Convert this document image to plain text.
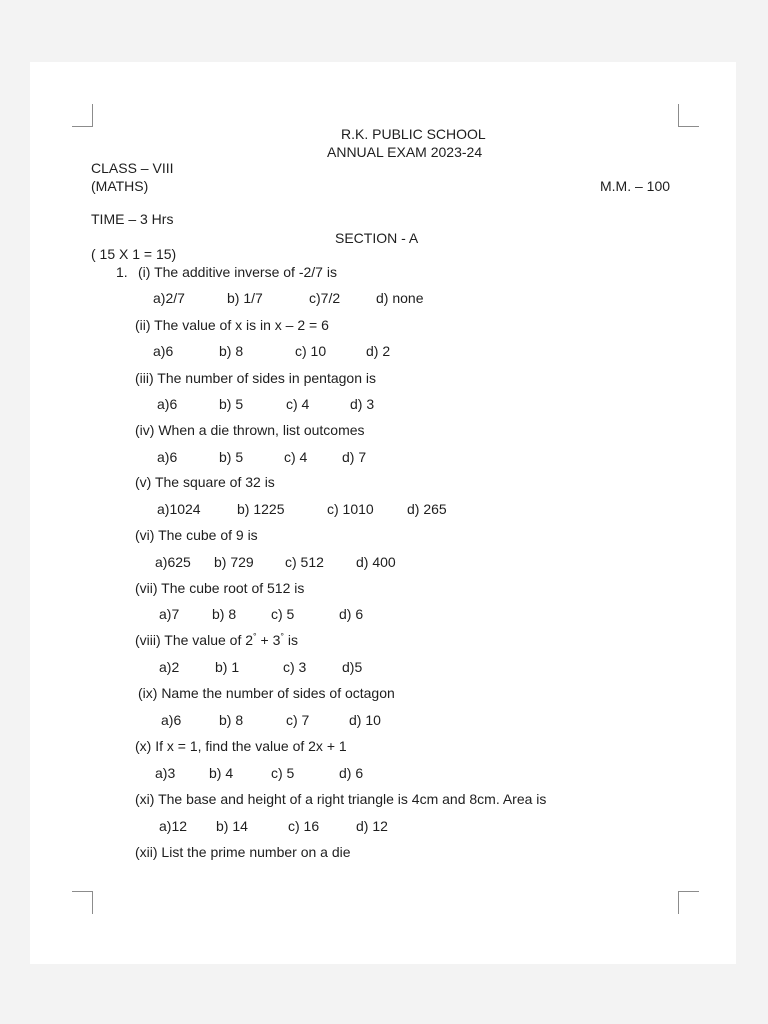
R.K. PUBLIC SCHOOL
ANNUAL EXAM 2023-24
CLASS – VIII
(MATHS)	M.M. – 100
TIME – 3 Hrs
SECTION - A
( 15 X 1 = 15)
1. (i) The additive inverse of -2/7 is
a)2/7	b) 1/7	c)7/2	d) none
(ii) The value of x is in x – 2 = 6
a)6	b) 8	c) 10	d) 2
(iii) The number of sides in pentagon is
a)6	b) 5	c) 4	d) 3
(iv) When a die thrown, list outcomes
a)6	b) 5	c) 4 d) 7
(v) The square of 32 is
a)1024	b) 1225	c) 1010 d) 265
(vi) The cube of 9 is
a)625 b) 729 c) 512 d) 400
(vii) The cube root of 512 is
a)7 b) 8 c) 5	d) 6
(viii) The value of 2° + 3° is
a)2	b) 1	c) 3	d)5
(ix) Name the number of sides of octagon
a)6	b) 8	c) 7	d) 10
(x) If x = 1, find the value of 2x + 1
a)3 b) 4	c) 5	d) 6
(xi) The base and height of a right triangle is 4cm and 8cm. Area is
a)12 b) 14	c) 16	d) 12
(xii) List the prime number on a die
